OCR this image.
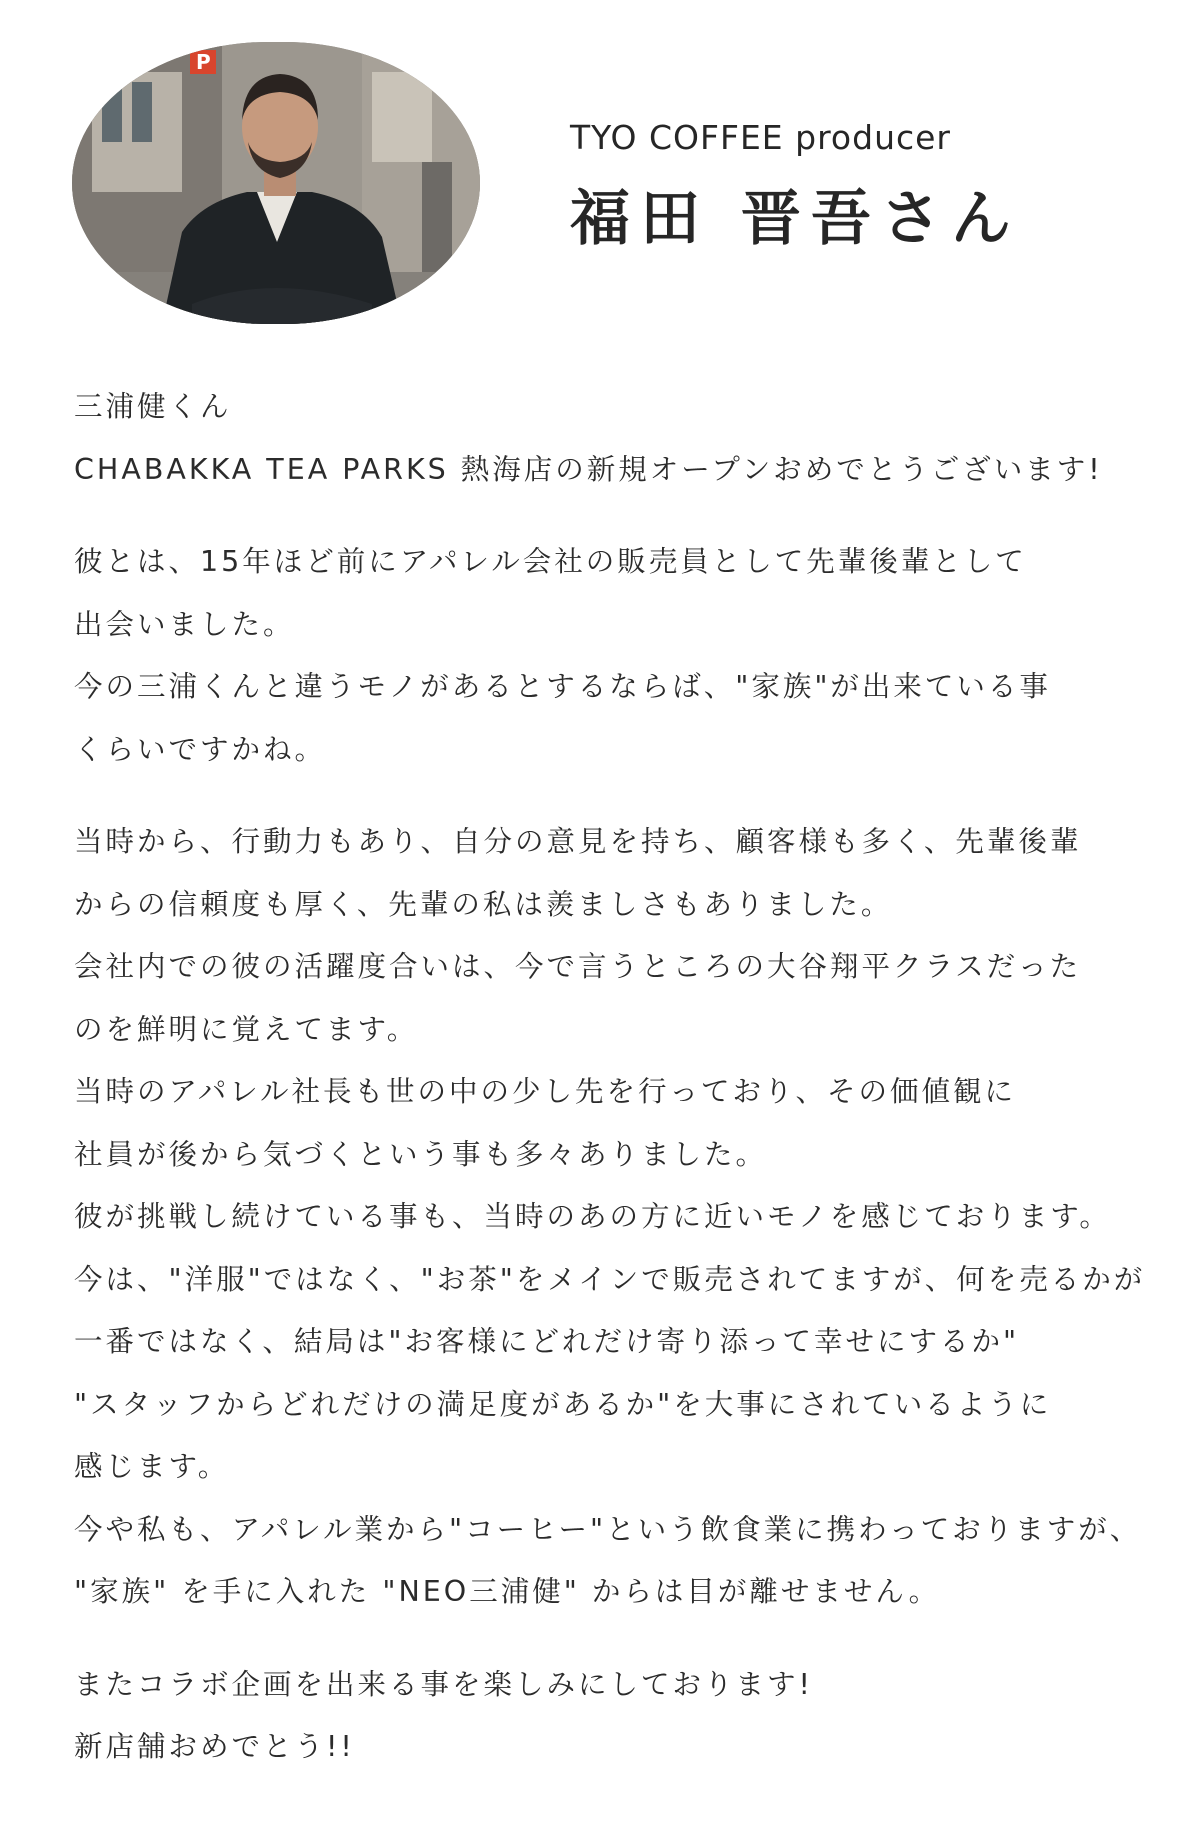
P
TYO COFFEE producer
福田 晋吾さん
三浦健くん
CHABAKKA TEA PARKS 熱海店の新規オープンおめでとうございます!
彼とは、15年ほど前にアパレル会社の販売員として先輩後輩として
出会いました。
今の三浦くんと違うモノがあるとするならば、"家族"が出来ている事
くらいですかね。
当時から、行動力もあり、自分の意見を持ち、顧客様も多く、先輩後輩
からの信頼度も厚く、先輩の私は羨ましさもありました。
会社内での彼の活躍度合いは、今で言うところの大谷翔平クラスだった
のを鮮明に覚えてます。
当時のアパレル社長も世の中の少し先を行っており、その価値観に
社員が後から気づくという事も多々ありました。
彼が挑戦し続けている事も、当時のあの方に近いモノを感じております。
今は、"洋服"ではなく、"お茶"をメインで販売されてますが、何を売るかが
一番ではなく、結局は"お客様にどれだけ寄り添って幸せにするか"
"スタッフからどれだけの満足度があるか"を大事にされているように
感じます。
今や私も、アパレル業から"コーヒー"という飲食業に携わっておりますが、
"家族" を手に入れた "NEO三浦健" からは目が離せません。
またコラボ企画を出来る事を楽しみにしております!
新店舗おめでとう!!
